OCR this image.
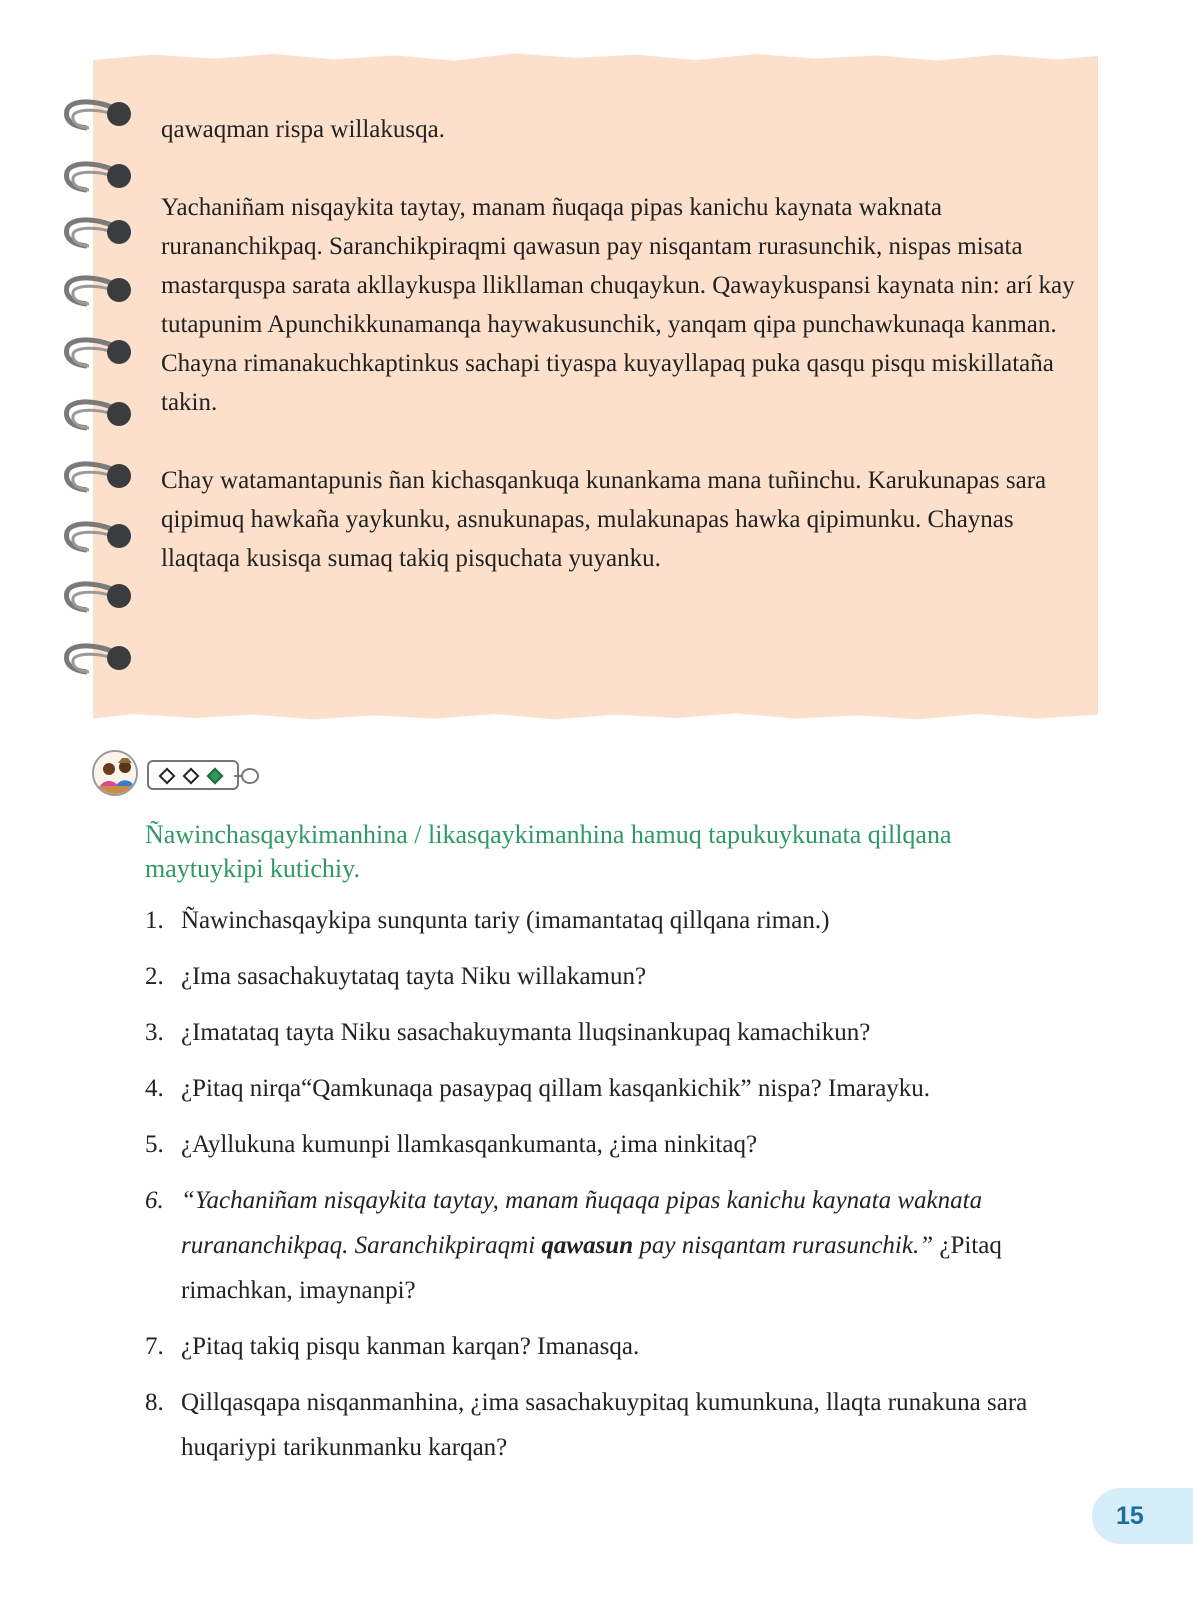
qawaqman rispa willakusqa.

Yachaniñam nisqaykita taytay, manam ñuqaqa pipas kanichu kaynata waknata rurananchikpaq. Saranchikpiraqmi qawasun pay nisqantam rurasunchik, nispas misata mastarquspa sarata akllaykuspa llikllaman chuqaykun. Qawaykuspansi kaynata nin: arí kay tutapunim Apunchikkunamanqa haywakusunchik, yanqam qipa punchawkunaqa kanman. Chayna rimanakuchkaptinkus sachapi tiyaspa kuyayllapaq puka qasqu pisqu miskillataña takin.

Chay watamantapunis ñan kichasqankuqa kunankama mana tuñinchu. Karukunapas sara qipimuq hawkaña yaykunku, asnukunapas, mulakunapas hawka qipimunku. Chaynas llaqtaqa kusisqa sumaq takiq pisquchata yuyanku.

Ñawinchasqaykimanhina / likasqaykimanhina hamuq tapukuykunata qillqana maytuykipi kutichiy.
1. Ñawinchasqaykipa sunqunta tariy (imamantataq qillqana riman.)
2. ¿Ima sasachakuytataq tayta Niku willakamun?
3. ¿Imatataq tayta Niku sasachakuymanta lluqsinankupaq kamachikun?
4. ¿Pitaq nirqa“Qamkunaqa pasaypaq qillam kasqankichik” nispa? Imarayku.
5. ¿Ayllukuna kumunpi llamkasqankumanta, ¿ima ninkitaq?
6. “Yachaniñam nisqaykita taytay, manam ñuqaqa pipas kanichu kaynata waknata rurananchikpaq. Saranchikpiraqmi qawasun pay nisqantam rurasunchik.” ¿Pitaq rimachkan, imaynanpi?
7. ¿Pitaq takiq pisqu kanman karqan? Imanasqa.
8. Qillqasqapa nisqanmanhina, ¿ima sasachakuypitaq kumunkuna, llaqta runakuna sara huqariypi tarikunmanku karqan?
15
